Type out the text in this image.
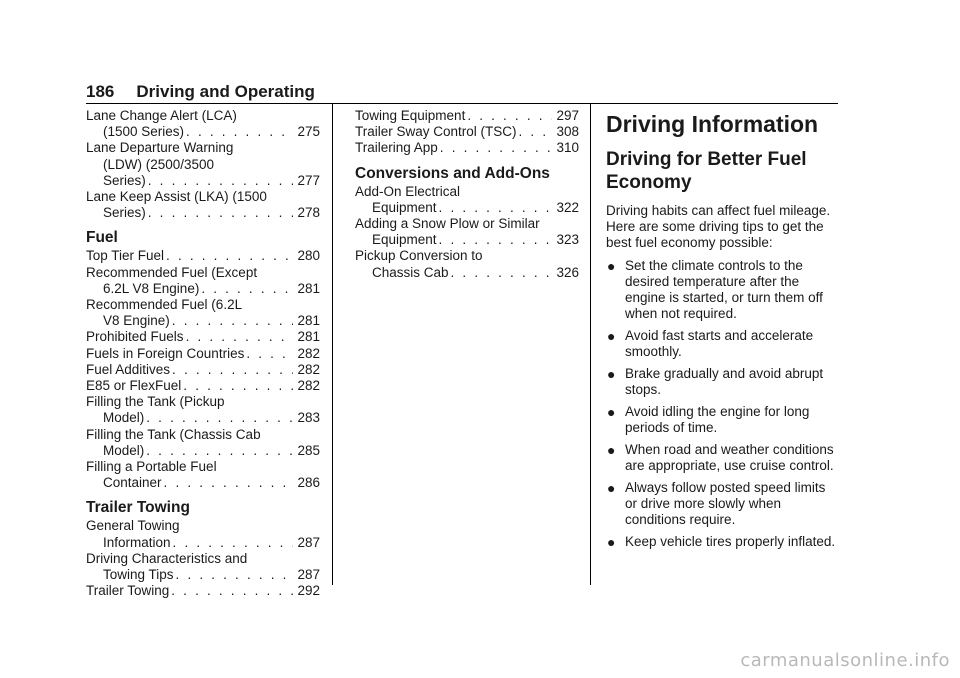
186 Driving and Operating
Lane Change Alert (LCA)
(1500 Series) . . .	275
Lane Departure Warning
(LDW) (2500/3500
Series) . . .	277
Lane Keep Assist (LKA) (1500
Series) . . .	278
Fuel
Top Tier Fuel . . .	280
Recommended Fuel (Except
6.2L V8 Engine) . . .	281
Recommended Fuel (6.2L
V8 Engine) . . .	281
Prohibited Fuels . . .	281
Fuels in Foreign Countries . . .	282
Fuel Additives . . .	282
E85 or FlexFuel . . .	282
Filling the Tank (Pickup
Model) . . .	283
Filling the Tank (Chassis Cab
Model) . . .	285
Filling a Portable Fuel
Container . . .	286
Trailer Towing
General Towing
Information . . .	287
Driving Characteristics and
Towing Tips . . .	287
Trailer Towing . . .	292
Towing Equipment . . .	297
Trailer Sway Control (TSC) . . .	308
Trailering App . . .	310
Conversions and Add-Ons
Add-On Electrical
Equipment . . .	322
Adding a Snow Plow or Similar
Equipment . . .	323
Pickup Conversion to
Chassis Cab . . .	326
Driving Information
Driving for Better Fuel Economy
Driving habits can affect fuel mileage. Here are some driving tips to get the best fuel economy possible:
● Set the climate controls to the desired temperature after the engine is started, or turn them off when not required.
● Avoid fast starts and accelerate smoothly.
● Brake gradually and avoid abrupt stops.
● Avoid idling the engine for long periods of time.
● When road and weather conditions are appropriate, use cruise control.
● Always follow posted speed limits or drive more slowly when conditions require.
● Keep vehicle tires properly inflated.
carmanualsonline.info
